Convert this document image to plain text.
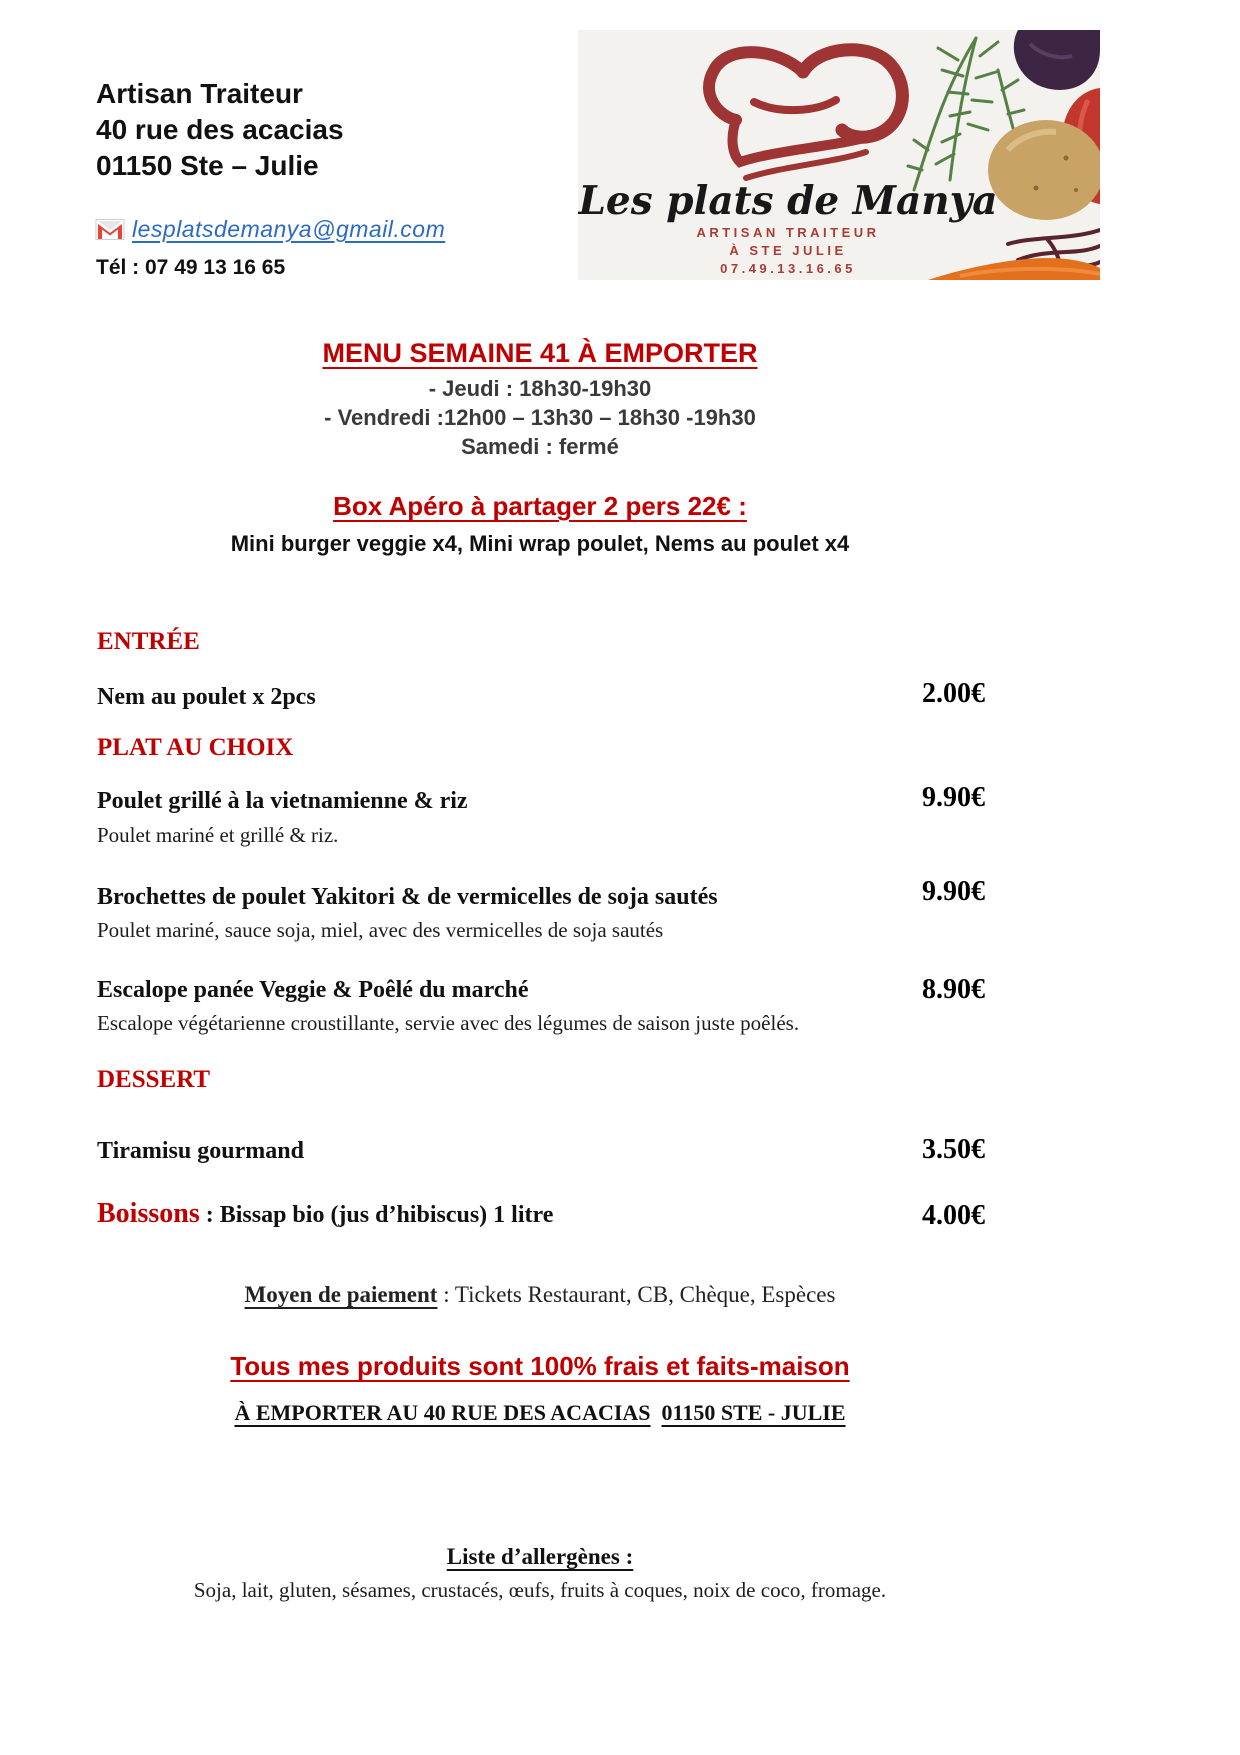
Artisan Traiteur
40 rue des acacias
01150 Ste – Julie
lesplatsdemanya@gmail.com
Tél : 07 49 13 16 65
Les plats de Manya
ARTISAN TRAITEUR
À STE JULIE
07.49.13.16.65
MENU SEMAINE 41 À EMPORTER
- Jeudi : 18h30-19h30
- Vendredi :12h00 – 13h30 – 18h30 -19h30
Samedi : fermé
Box Apéro à partager 2 pers 22€ :
Mini burger veggie x4, Mini wrap poulet, Nems au poulet x4
ENTRÉE
Nem au poulet x 2pcs	2.00€
PLAT AU CHOIX
Poulet grillé à la vietnamienne & riz
Poulet mariné et grillé & riz.
9.90€
Brochettes de poulet Yakitori & de vermicelles de soja sautés
Poulet mariné, sauce soja, miel, avec des vermicelles de soja sautés
9.90€
Escalope panée Veggie & Poêlé du marché
Escalope végétarienne croustillante, servie avec des légumes de saison juste poêlés.
8.90€
DESSERT
Tiramisu gourmand	3.50€
Boissons : Bissap bio (jus d’hibiscus) 1 litre	4.00€
Moyen de paiement : Tickets Restaurant, CB, Chèque, Espèces
Tous mes produits sont 100% frais et faits-maison
À EMPORTER AU 40 RUE DES ACACIAS 01150 STE - JULIE
Liste d’allergènes :
Soja, lait, gluten, sésames, crustacés, œufs, fruits à coques, noix de coco, fromage.
